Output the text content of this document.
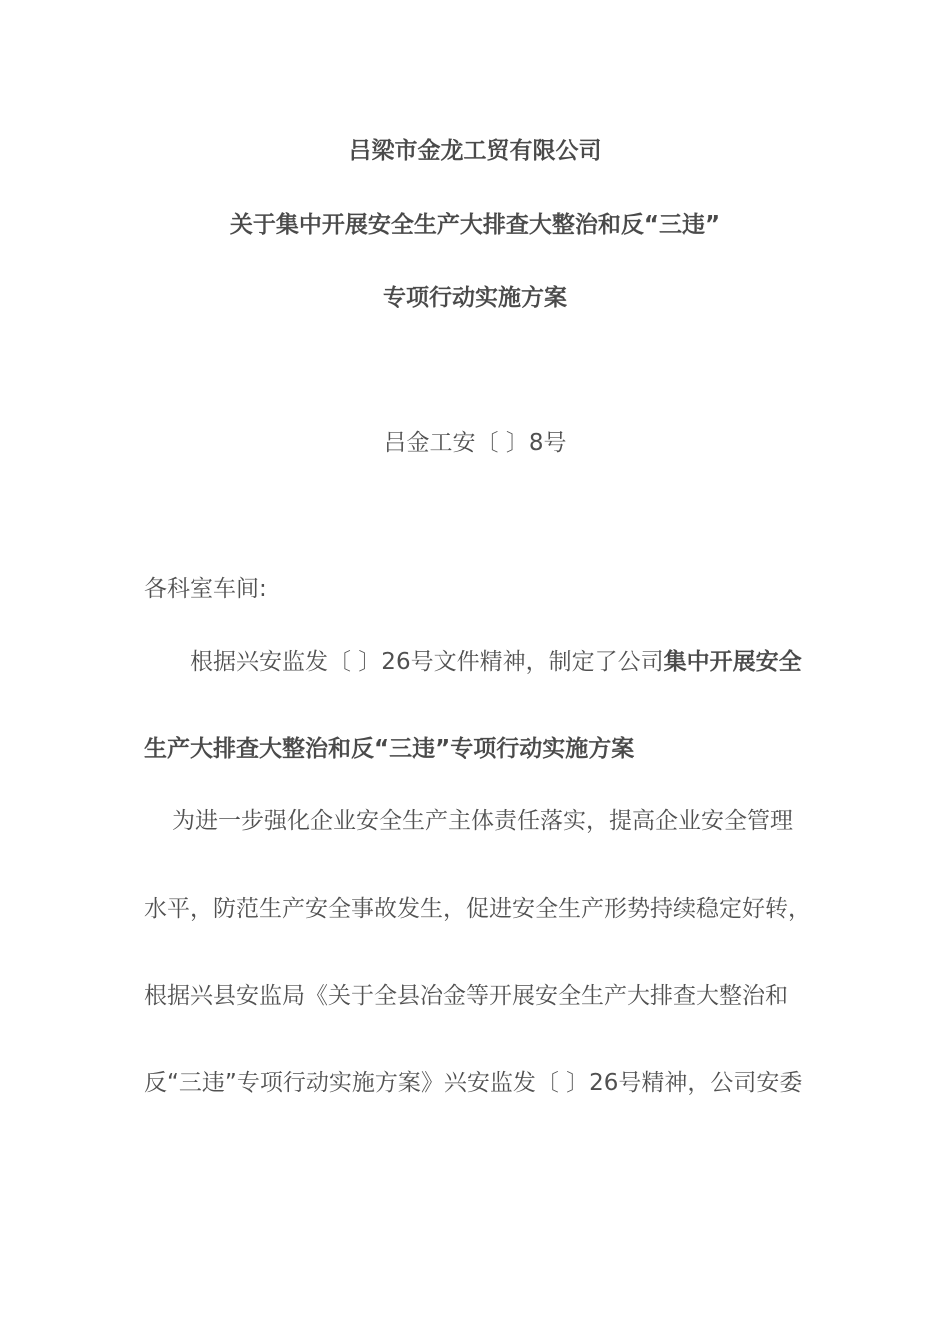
吕梁市金龙工贸有限公司
关于集中开展安全生产大排查大整治和反“三违”
专项行动实施方案
吕金工安〔 〕8号
各科室车间:
根据兴安监发〔 〕26号文件精神，制定了公司集中开展安全
生产大排查大整治和反“三违”专项行动实施方案
为进一步强化企业安全生产主体责任落实，提高企业安全管理
水平，防范生产安全事故发生，促进安全生产形势持续稳定好转，
根据兴县安监局《关于全县冶金等开展安全生产大排查大整治和
反“三违”专项行动实施方案》兴安监发〔 〕26号精神，公司安委
